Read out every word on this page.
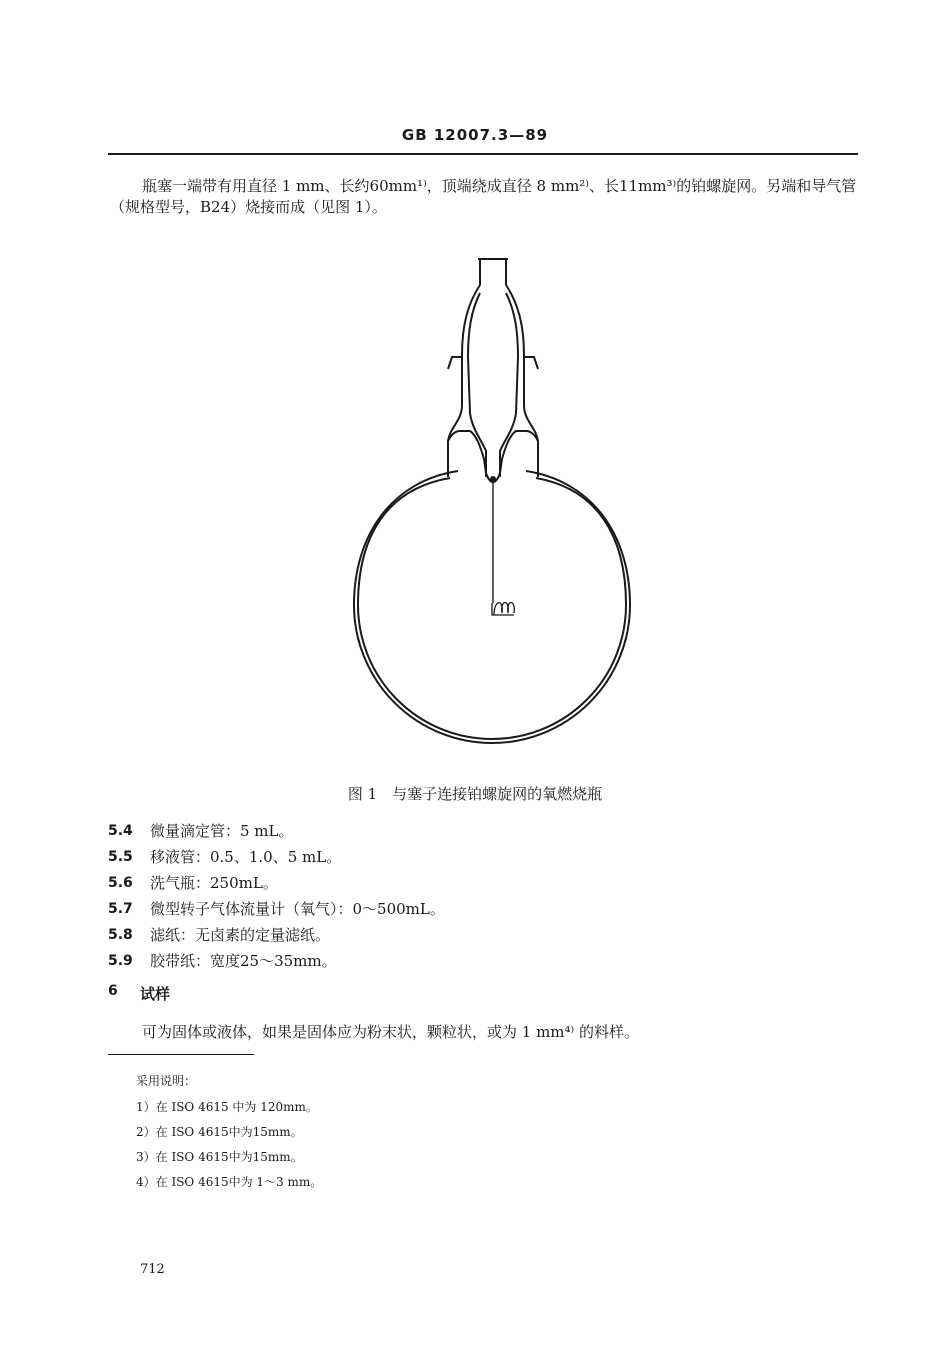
GB 12007.3—89
瓶塞一端带有用直径 1 mm、长约60mm¹⁾，顶端绕成直径 8 mm²⁾、长11mm³⁾的铂螺旋网。另端和导气管（规格型号，B24）烧接而成（见图 1）。
图 1　与塞子连接铂螺旋网的氧燃烧瓶
5.4	微量滴定管：5 mL。
5.5	移液管：0.5、1.0、5 mL。
5.6	洗气瓶：250mL。
5.7	微型转子气体流量计（氧气）：0～500mL。
5.8	滤纸：无卤素的定量滤纸。
5.9	胶带纸：宽度25～35mm。
6	试样
可为固体或液体，如果是固体应为粉末状，颗粒状，或为 1 mm⁴⁾ 的料样。
采用说明：
1）在 ISO 4615 中为 120mm。
2）在 ISO 4615中为15mm。
3）在 ISO 4615中为15mm。
4）在 ISO 4615中为 1～3 mm。
712
